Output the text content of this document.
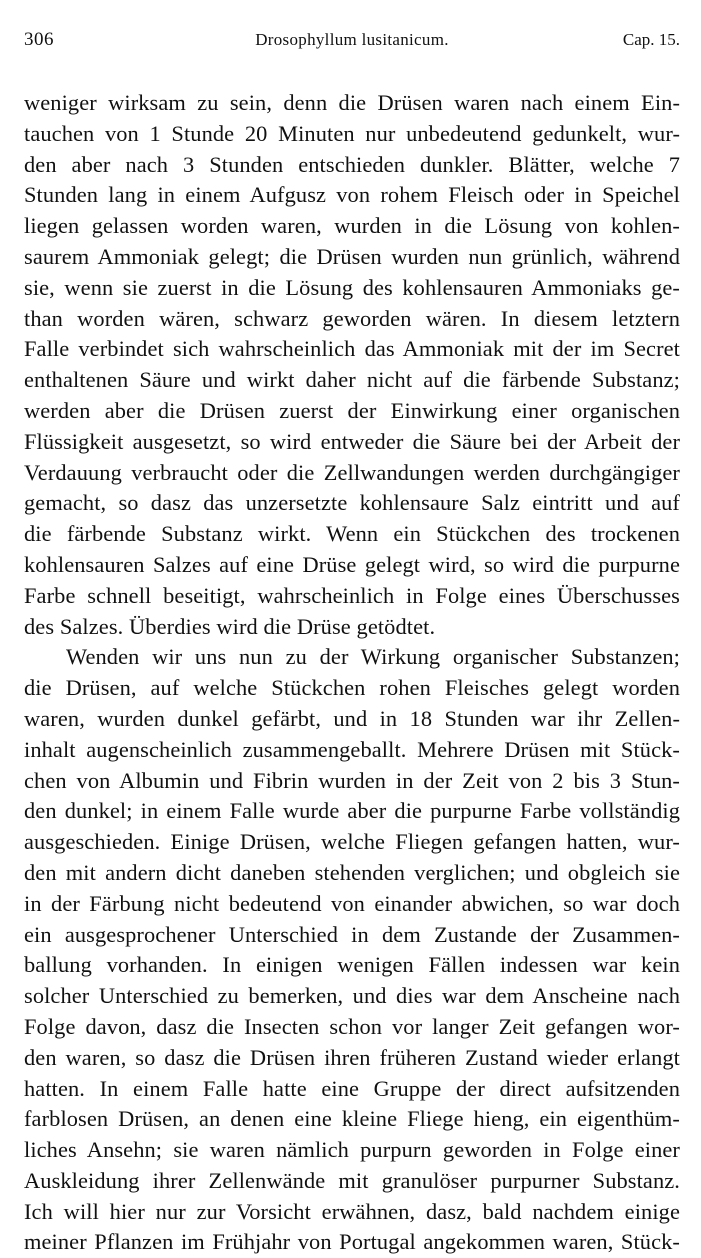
306	Drosophyllum lusitanicum.	Cap. 15.
weniger wirksam zu sein, denn die Drüsen waren nach einem Ein-
tauchen von 1 Stunde 20 Minuten nur unbedeutend gedunkelt, wur-
den aber nach 3 Stunden entschieden dunkler. Blätter, welche 7
Stunden lang in einem Aufgusz von rohem Fleisch oder in Speichel
liegen gelassen worden waren, wurden in die Lösung von kohlen-
saurem Ammoniak gelegt; die Drüsen wurden nun grünlich, während
sie, wenn sie zuerst in die Lösung des kohlensauren Ammoniaks ge-
than worden wären, schwarz geworden wären. In diesem letztern
Falle verbindet sich wahrscheinlich das Ammoniak mit der im Secret
enthaltenen Säure und wirkt daher nicht auf die färbende Substanz;
werden aber die Drüsen zuerst der Einwirkung einer organischen
Flüssigkeit ausgesetzt, so wird entweder die Säure bei der Arbeit der
Verdauung verbraucht oder die Zellwandungen werden durchgängiger
gemacht, so dasz das unzersetzte kohlensaure Salz eintritt und auf
die färbende Substanz wirkt. Wenn ein Stückchen des trockenen
kohlensauren Salzes auf eine Drüse gelegt wird, so wird die purpurne
Farbe schnell beseitigt, wahrscheinlich in Folge eines Überschusses
des Salzes. Überdies wird die Drüse getödtet.
Wenden wir uns nun zu der Wirkung organischer Substanzen;
die Drüsen, auf welche Stückchen rohen Fleisches gelegt worden
waren, wurden dunkel gefärbt, und in 18 Stunden war ihr Zellen-
inhalt augenscheinlich zusammengeballt. Mehrere Drüsen mit Stück-
chen von Albumin und Fibrin wurden in der Zeit von 2 bis 3 Stun-
den dunkel; in einem Falle wurde aber die purpurne Farbe vollständig
ausgeschieden. Einige Drüsen, welche Fliegen gefangen hatten, wur-
den mit andern dicht daneben stehenden verglichen; und obgleich sie
in der Färbung nicht bedeutend von einander abwichen, so war doch
ein ausgesprochener Unterschied in dem Zustande der Zusammen-
ballung vorhanden. In einigen wenigen Fällen indessen war kein
solcher Unterschied zu bemerken, und dies war dem Anscheine nach
Folge davon, dasz die Insecten schon vor langer Zeit gefangen wor-
den waren, so dasz die Drüsen ihren früheren Zustand wieder erlangt
hatten. In einem Falle hatte eine Gruppe der direct aufsitzenden
farblosen Drüsen, an denen eine kleine Fliege hieng, ein eigenthüm-
liches Ansehn; sie waren nämlich purpurn geworden in Folge einer
Auskleidung ihrer Zellenwände mit granulöser purpurner Substanz.
Ich will hier nur zur Vorsicht erwähnen, dasz, bald nachdem einige
meiner Pflanzen im Frühjahr von Portugal angekommen waren, Stück-
